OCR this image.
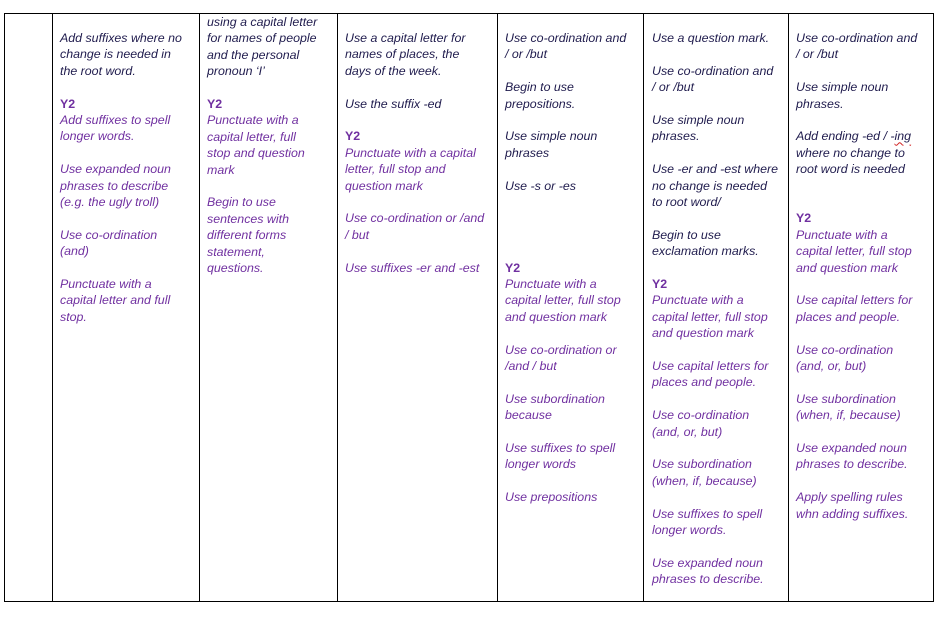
Add suffixes where no

change is needed in

the root word.

Y2

Add suffixes to spell

longer words.

Use expanded noun

phrases to describe

(e.g. the ugly troll)

Use co-ordination

(and)

Punctuate with a

capital letter and full

stop.

using a capital letter

for names of people

and the personal

pronoun ‘I’

Y2

Punctuate with a

capital letter, full

stop and question

mark

Begin to use

sentences with

different forms

statement,

questions.

Use a capital letter for

names of places, the

days of the week.

Use the suffix -ed

Y2

Punctuate with a capital

letter, full stop and

question mark

Use co-ordination or /and

/ but

Use suffixes -er and -est

Use co-ordination and

/ or /but

Begin to use

prepositions.

Use simple noun

phrases

Use -s or -es

Y2

Punctuate with a

capital letter, full stop

and question mark

Use co-ordination or

/and / but

Use subordination

because

Use suffixes to spell

longer words

Use prepositions

Use a question mark.

Use co-ordination and

/ or /but

Use simple noun

phrases.

Use -er and -est where

no change is needed

to root word/

Begin to use

exclamation marks.

Y2

Punctuate with a

capital letter, full stop

and question mark

Use capital letters for

places and people.

Use co-ordination

(and, or, but)

Use subordination

(when, if, because)

Use suffixes to spell

longer words.

Use expanded noun

phrases to describe.

Use co-ordination and

/ or /but

Use simple noun

phrases.

Add ending -ed / -ing

where no change to

root word is needed

Y2

Punctuate with a

capital letter, full stop

and question mark

Use capital letters for

places and people.

Use co-ordination

(and, or, but)

Use subordination

(when, if, because)

Use expanded noun

phrases to describe.

Apply spelling rules

whn adding suffixes.
